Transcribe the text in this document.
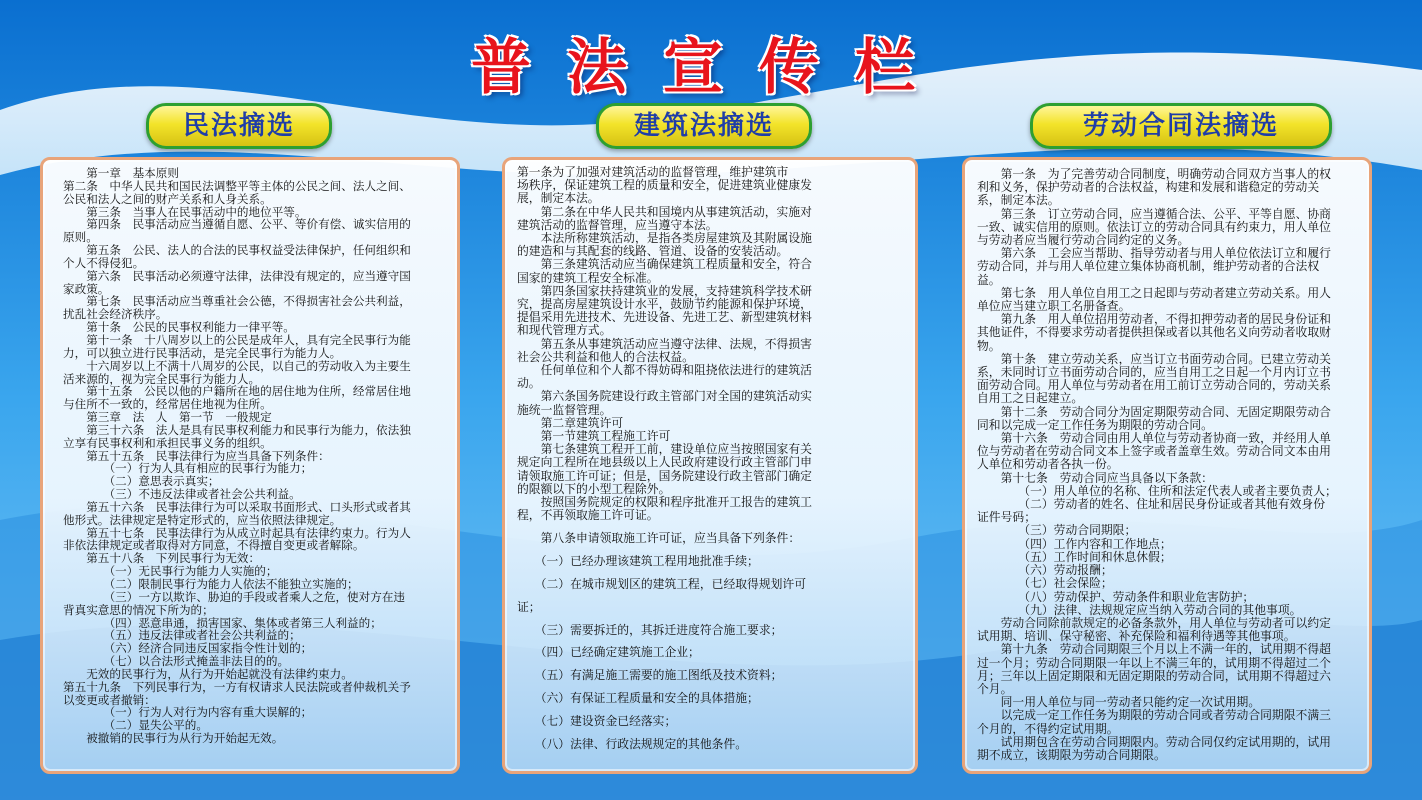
普法宣传栏
民法摘选	建筑法摘选	劳动合同法摘选

　　第一章　基本原则

第二条　中华人民共和国民法调整平等主体的公民之间、法人之间、

公民和法人之间的财产关系和人身关系。

　　第三条　当事人在民事活动中的地位平等。

　　第四条　民事活动应当遵循自愿、公平、等价有偿、诚实信用的

原则。

　　第五条　公民、法人的合法的民事权益受法律保护，任何组织和

个人不得侵犯。

　　第六条　民事活动必须遵守法律，法律没有规定的，应当遵守国

家政策。

　　第七条　民事活动应当尊重社会公德，不得损害社会公共利益，

扰乱社会经济秩序。

　　第十条　公民的民事权利能力一律平等。

　　第十一条　十八周岁以上的公民是成年人，具有完全民事行为能

力，可以独立进行民事活动，是完全民事行为能力人。

　　十六周岁以上不满十八周岁的公民，以自己的劳动收入为主要生

活来源的，视为完全民事行为能力人。

　　第十五条　公民以他的户籍所在地的居住地为住所，经常居住地

与住所不一致的，经常居住地视为住所。

　　第三章　法　人　第一节　一般规定

　　第三十六条　法人是具有民事权利能力和民事行为能力，依法独

立享有民事权利和承担民事义务的组织。

　　第五十五条　民事法律行为应当具备下列条件：

　　　　（一）行为人具有相应的民事行为能力；

　　　　（二）意思表示真实；

　　　　（三）不违反法律或者社会公共利益。

　　第五十六条　民事法律行为可以采取书面形式、口头形式或者其

他形式。法律规定是特定形式的，应当依照法律规定。

　　第五十七条　民事法律行为从成立时起具有法律约束力。行为人

非依法律规定或者取得对方同意，不得擅自变更或者解除。

　　第五十八条　下列民事行为无效：

　　　　（一）无民事行为能力人实施的；

　　　　（二）限制民事行为能力人依法不能独立实施的；

　　　　（三）一方以欺诈、胁迫的手段或者乘人之危，使对方在违

背真实意思的情况下所为的；

　　　　（四）恶意串通，损害国家、集体或者第三人利益的；

　　　　（五）违反法律或者社会公共利益的；

　　　　（六）经济合同违反国家指令性计划的；

　　　　（七）以合法形式掩盖非法目的的。

　　无效的民事行为，从行为开始起就没有法律约束力。

第五十九条　下列民事行为，一方有权请求人民法院或者仲裁机关予

以变更或者撤销：

　　　　（一）行为人对行为内容有重大误解的；

　　　　（二）显失公平的。

　　被撤销的民事行为从行为开始起无效。

第一条为了加强对建筑活动的监督管理，维护建筑市

场秩序，保证建筑工程的质量和安全，促进建筑业健康发

展，制定本法。

　　第二条在中华人民共和国境内从事建筑活动，实施对

建筑活动的监督管理，应当遵守本法。

　　本法所称建筑活动，是指各类房屋建筑及其附属设施

的建造和与其配套的线路、管道、设备的安装活动。

　　第三条建筑活动应当确保建筑工程质量和安全，符合

国家的建筑工程安全标准。

　　第四条国家扶持建筑业的发展，支持建筑科学技术研

究，提高房屋建筑设计水平，鼓励节约能源和保护环境，

提倡采用先进技术、先进设备、先进工艺、新型建筑材料

和现代管理方式。

　　第五条从事建筑活动应当遵守法律、法规，不得损害

社会公共利益和他人的合法权益。

　　任何单位和个人都不得妨碍和阻挠依法进行的建筑活

动。

　　第六条国务院建设行政主管部门对全国的建筑活动实

施统一监督管理。

　　第二章建筑许可

　　第一节建筑工程施工许可

　　第七条建筑工程开工前，建设单位应当按照国家有关

规定向工程所在地县级以上人民政府建设行政主管部门申

请领取施工许可证；但是，国务院建设行政主管部门确定

的限额以下的小型工程除外。

　　按照国务院规定的权限和程序批准开工报告的建筑工

程，不再领取施工许可证。

　　第八条申请领取施工许可证，应当具备下列条件：

　　（一）已经办理该建筑工程用地批准手续；

　　（二）在城市规划区的建筑工程，已经取得规划许可

证；

　　（三）需要拆迁的，其拆迁进度符合施工要求；

　　（四）已经确定建筑施工企业；

　　（五）有满足施工需要的施工图纸及技术资料；

　　（六）有保证工程质量和安全的具体措施；

　　（七）建设资金已经落实；

　　（八）法律、行政法规规定的其他条件。

　　第一条　为了完善劳动合同制度，明确劳动合同双方当事人的权

利和义务，保护劳动者的合法权益，构建和发展和谐稳定的劳动关

系，制定本法。

　　第三条　订立劳动合同，应当遵循合法、公平、平等自愿、协商

一致、诚实信用的原则。依法订立的劳动合同具有约束力，用人单位

与劳动者应当履行劳动合同约定的义务。

　　第六条　工会应当帮助、指导劳动者与用人单位依法订立和履行

劳动合同，并与用人单位建立集体协商机制，维护劳动者的合法权

益。

　　第七条　用人单位自用工之日起即与劳动者建立劳动关系。用人

单位应当建立职工名册备查。

　　第九条　用人单位招用劳动者，不得扣押劳动者的居民身份证和

其他证件，不得要求劳动者提供担保或者以其他名义向劳动者收取财

物。

　　第十条　建立劳动关系，应当订立书面劳动合同。已建立劳动关

系，未同时订立书面劳动合同的，应当自用工之日起一个月内订立书

面劳动合同。用人单位与劳动者在用工前订立劳动合同的，劳动关系

自用工之日起建立。

　　第十二条　劳动合同分为固定期限劳动合同、无固定期限劳动合

同和以完成一定工作任务为期限的劳动合同。

　　第十六条　劳动合同由用人单位与劳动者协商一致，并经用人单

位与劳动者在劳动合同文本上签字或者盖章生效。劳动合同文本由用

人单位和劳动者各执一份。

　　第十七条　劳动合同应当具备以下条款：

　　　　（一）用人单位的名称、住所和法定代表人或者主要负责人；

　　　　（二）劳动者的姓名、住址和居民身份证或者其他有效身份

证件号码；

　　　　（三）劳动合同期限；

　　　　（四）工作内容和工作地点；

　　　　（五）工作时间和休息休假；

　　　　（六）劳动报酬；

　　　　（七）社会保险；

　　　　（八）劳动保护、劳动条件和职业危害防护；

　　　　（九）法律、法规规定应当纳入劳动合同的其他事项。

　　劳动合同除前款规定的必备条款外，用人单位与劳动者可以约定

试用期、培训、保守秘密、补充保险和福利待遇等其他事项。

　　第十九条　劳动合同期限三个月以上不满一年的，试用期不得超

过一个月；劳动合同期限一年以上不满三年的，试用期不得超过二个

月；三年以上固定期限和无固定期限的劳动合同，试用期不得超过六

个月。

　　同一用人单位与同一劳动者只能约定一次试用期。

　　以完成一定工作任务为期限的劳动合同或者劳动合同期限不满三

个月的，不得约定试用期。

　　试用期包含在劳动合同期限内。劳动合同仅约定试用期的，试用

期不成立，该期限为劳动合同期限。
